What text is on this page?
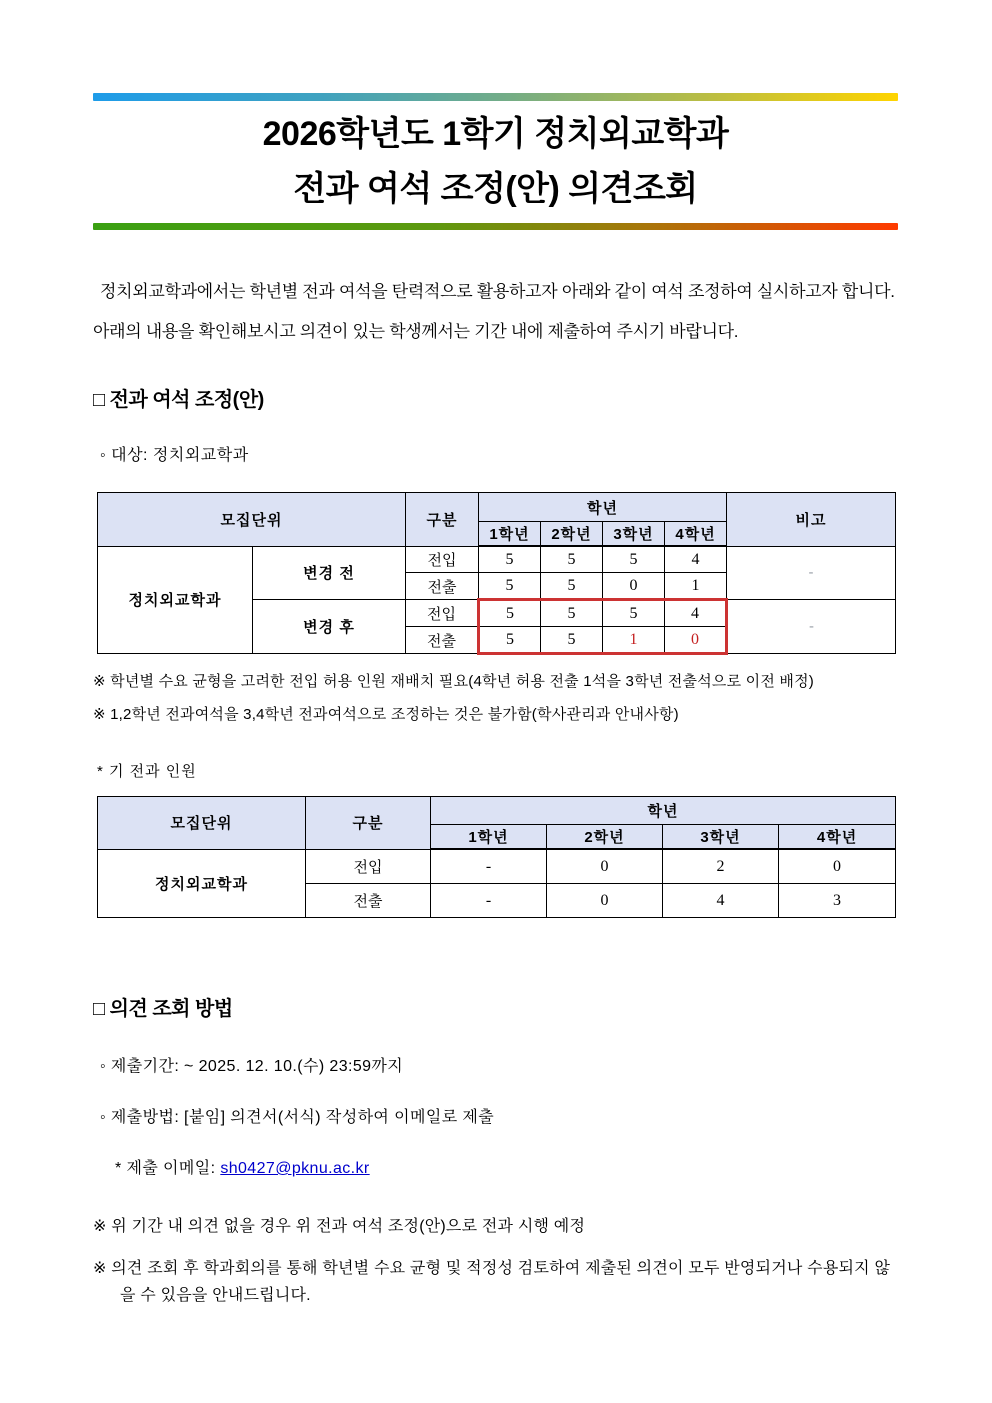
2026학년도 1학기 정치외교학과
전과 여석 조정(안) 의견조회
정치외교학과에서는 학년별 전과 여석을 탄력적으로 활용하고자 아래와 같이 여석 조정하여 실시하고자 합니다.
아래의 내용을 확인해보시고 의견이 있는 학생께서는 기간 내에 제출하여 주시기 바랍니다.
□ 전과 여석 조정(안)

◦ 대상: 정치외교학과

모집단위		구분	학년				비고
			1학년	2학년	3학년	4학년	
정치외교학과	변경 전	전입	5	5	5	4	-
		전출	5	5	0	1	
	변경 후	전입	5	5	5	4	-
		전출	5	5	1	0	

※ 학년별 수요 균형을 고려한 전입 허용 인원 재배치 필요(4학년 허용 전출 1석을 3학년 전출석으로 이전 배정)

※ 1,2학년 전과여석을 3,4학년 전과여석으로 조정하는 것은 불가함(학사관리과 안내사항)

* 기 전과 인원

모집단위	구분	학년			
		1학년	2학년	3학년	4학년
정치외교학과	전입	-	0	2	0
	전출	-	0	4	3
□ 의견 조회 방법

◦ 제출기간: ~ 2025. 12. 10.(수) 23:59까지

◦ 제출방법: [붙임] 의견서(서식) 작성하여 이메일로 제출

* 제출 이메일: sh0427@pknu.ac.kr

※ 위 기간 내 의견 없을 경우 위 전과 여석 조정(안)으로 전과 시행 예정

※ 의견 조회 후 학과회의를 통해 학년별 수요 균형 및 적정성 검토하여 제출된 의견이 모두 반영되거나 수용되지 않을 수 있음을 안내드립니다.
